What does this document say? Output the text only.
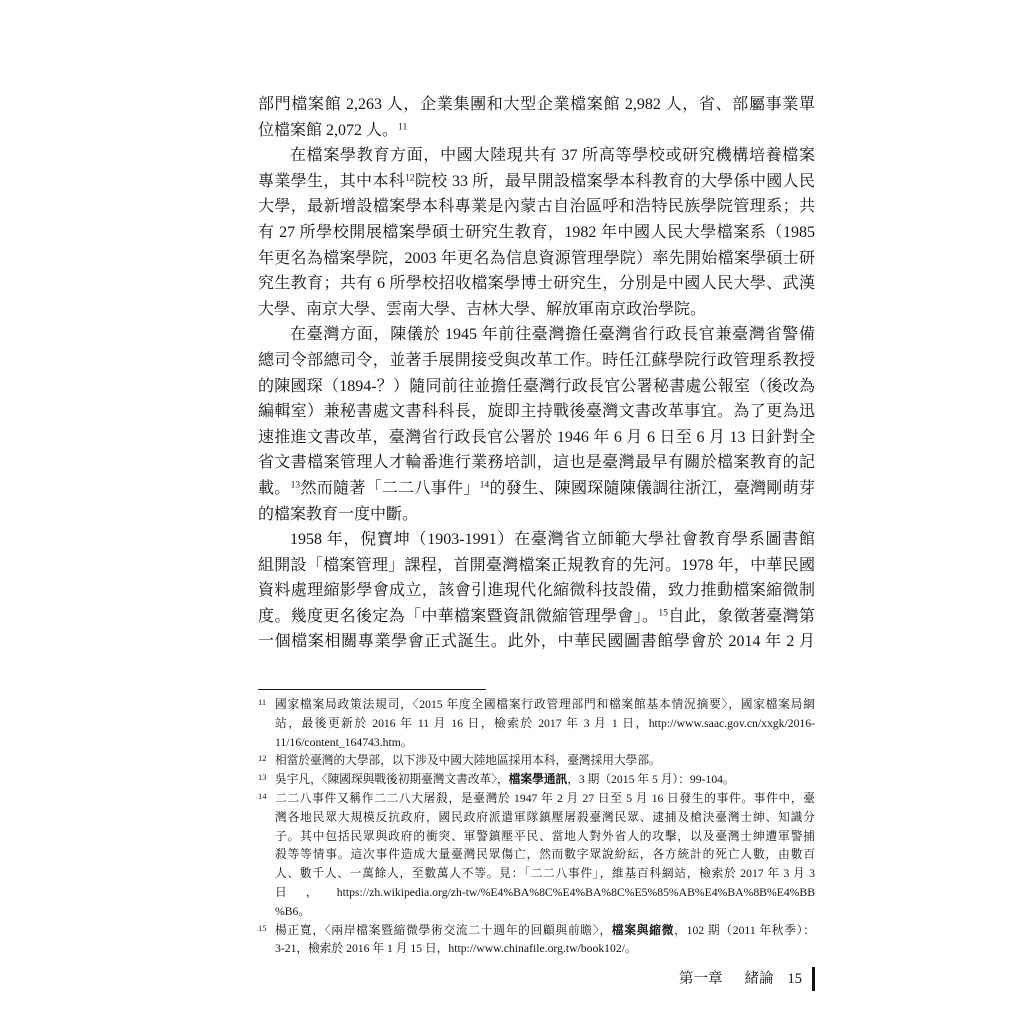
部門檔案館 2,263 人，企業集團和大型企業檔案館 2,982 人，省、部屬事業單
位檔案館 2,072 人。$^{11}$
在檔案學教育方面，中國大陸現共有 37 所高等學校或研究機構培養檔案
專業學生，其中本科$^{12}$院校 33 所，最早開設檔案學本科教育的大學係中國人民
大學，最新增設檔案學本科專業是內蒙古自治區呼和浩特民族學院管理系；共
有 27 所學校開展檔案學碩士研究生教育，1982 年中國人民大學檔案系（1985
年更名為檔案學院，2003 年更名為信息資源管理學院）率先開始檔案學碩士研
究生教育；共有 6 所學校招收檔案學博士研究生，分別是中國人民大學、武漢
大學、南京大學、雲南大學、吉林大學、解放軍南京政治學院。
在臺灣方面，陳儀於 1945 年前往臺灣擔任臺灣省行政長官兼臺灣省警備
總司令部總司令，並著手展開接受與改革工作。時任江蘇學院行政管理系教授
的陳國琛（1894-？）隨同前往並擔任臺灣行政長官公署秘書處公報室（後改為
編輯室）兼秘書處文書科科長，旋即主持戰後臺灣文書改革事宜。為了更為迅
速推進文書改革，臺灣省行政長官公署於 1946 年 6 月 6 日至 6 月 13 日針對全
省文書檔案管理人才輪番進行業務培訓，這也是臺灣最早有關於檔案教育的記
載。$^{13}$然而隨著「二二八事件」$^{14}$的發生、陳國琛隨陳儀調往浙江，臺灣剛萌芽
的檔案教育一度中斷。
1958 年，倪寶坤（1903-1991）在臺灣省立師範大學社會教育學系圖書館
組開設「檔案管理」課程，首開臺灣檔案正規教育的先河。1978 年，中華民國
資料處理縮影學會成立，該會引進現代化縮微科技設備，致力推動檔案縮微制
度。幾度更名後定為「中華檔案暨資訊微縮管理學會」。$^{15}$自此，象徵著臺灣第
一個檔案相關專業學會正式誕生。此外，中華民國圖書館學會於 2014 年 2 月
11 國家檔案局政策法規司，〈2015 年度全國檔案行政管理部門和檔案館基本情況摘要〉，國家檔案局網
站，最後更新於 2016 年 11 月 16 日，檢索於 2017 年 3 月 1 日，http://www.saac.gov.cn/xxgk/2016-
11/16/content_164743.htm。
12 相當於臺灣的大學部，以下涉及中國大陸地區採用本科，臺灣採用大學部。
13 吳宇凡，〈陳國琛與戰後初期臺灣文書改革〉，檔案學通訊，3 期（2015 年 5 月）：99-104。
14 二二八事件又稱作二二八大屠殺，是臺灣於 1947 年 2 月 27 日至 5 月 16 日發生的事件。事件中，臺
灣各地民眾大規模反抗政府，國民政府派遣軍隊鎮壓屠殺臺灣民眾、逮捕及槍決臺灣士紳、知識分
子。其中包括民眾與政府的衝突、軍警鎮壓平民、當地人對外省人的攻擊，以及臺灣士紳遭軍警捕
殺等等情事。這次事件造成大量臺灣民眾傷亡，然而數字眾說紛紜，各方統計的死亡人數，由數百
人、數千人、一萬餘人，至數萬人不等。見：「二二八事件」，維基百科網站，檢索於 2017 年 3 月 3
日，https://zh.wikipedia.org/zh-tw/%E4%BA%8C%E4%BA%8C%E5%85%AB%E4%BA%8B%E4%BB
%B6。
15 楊正寬，〈兩岸檔案暨縮微學術交流二十週年的回顧與前瞻〉，檔案與縮微，102 期（2011 年秋季）：
3-21，檢索於 2016 年 1 月 15 日，http://www.chinafile.org.tw/book102/。
第一章 緒論 15
